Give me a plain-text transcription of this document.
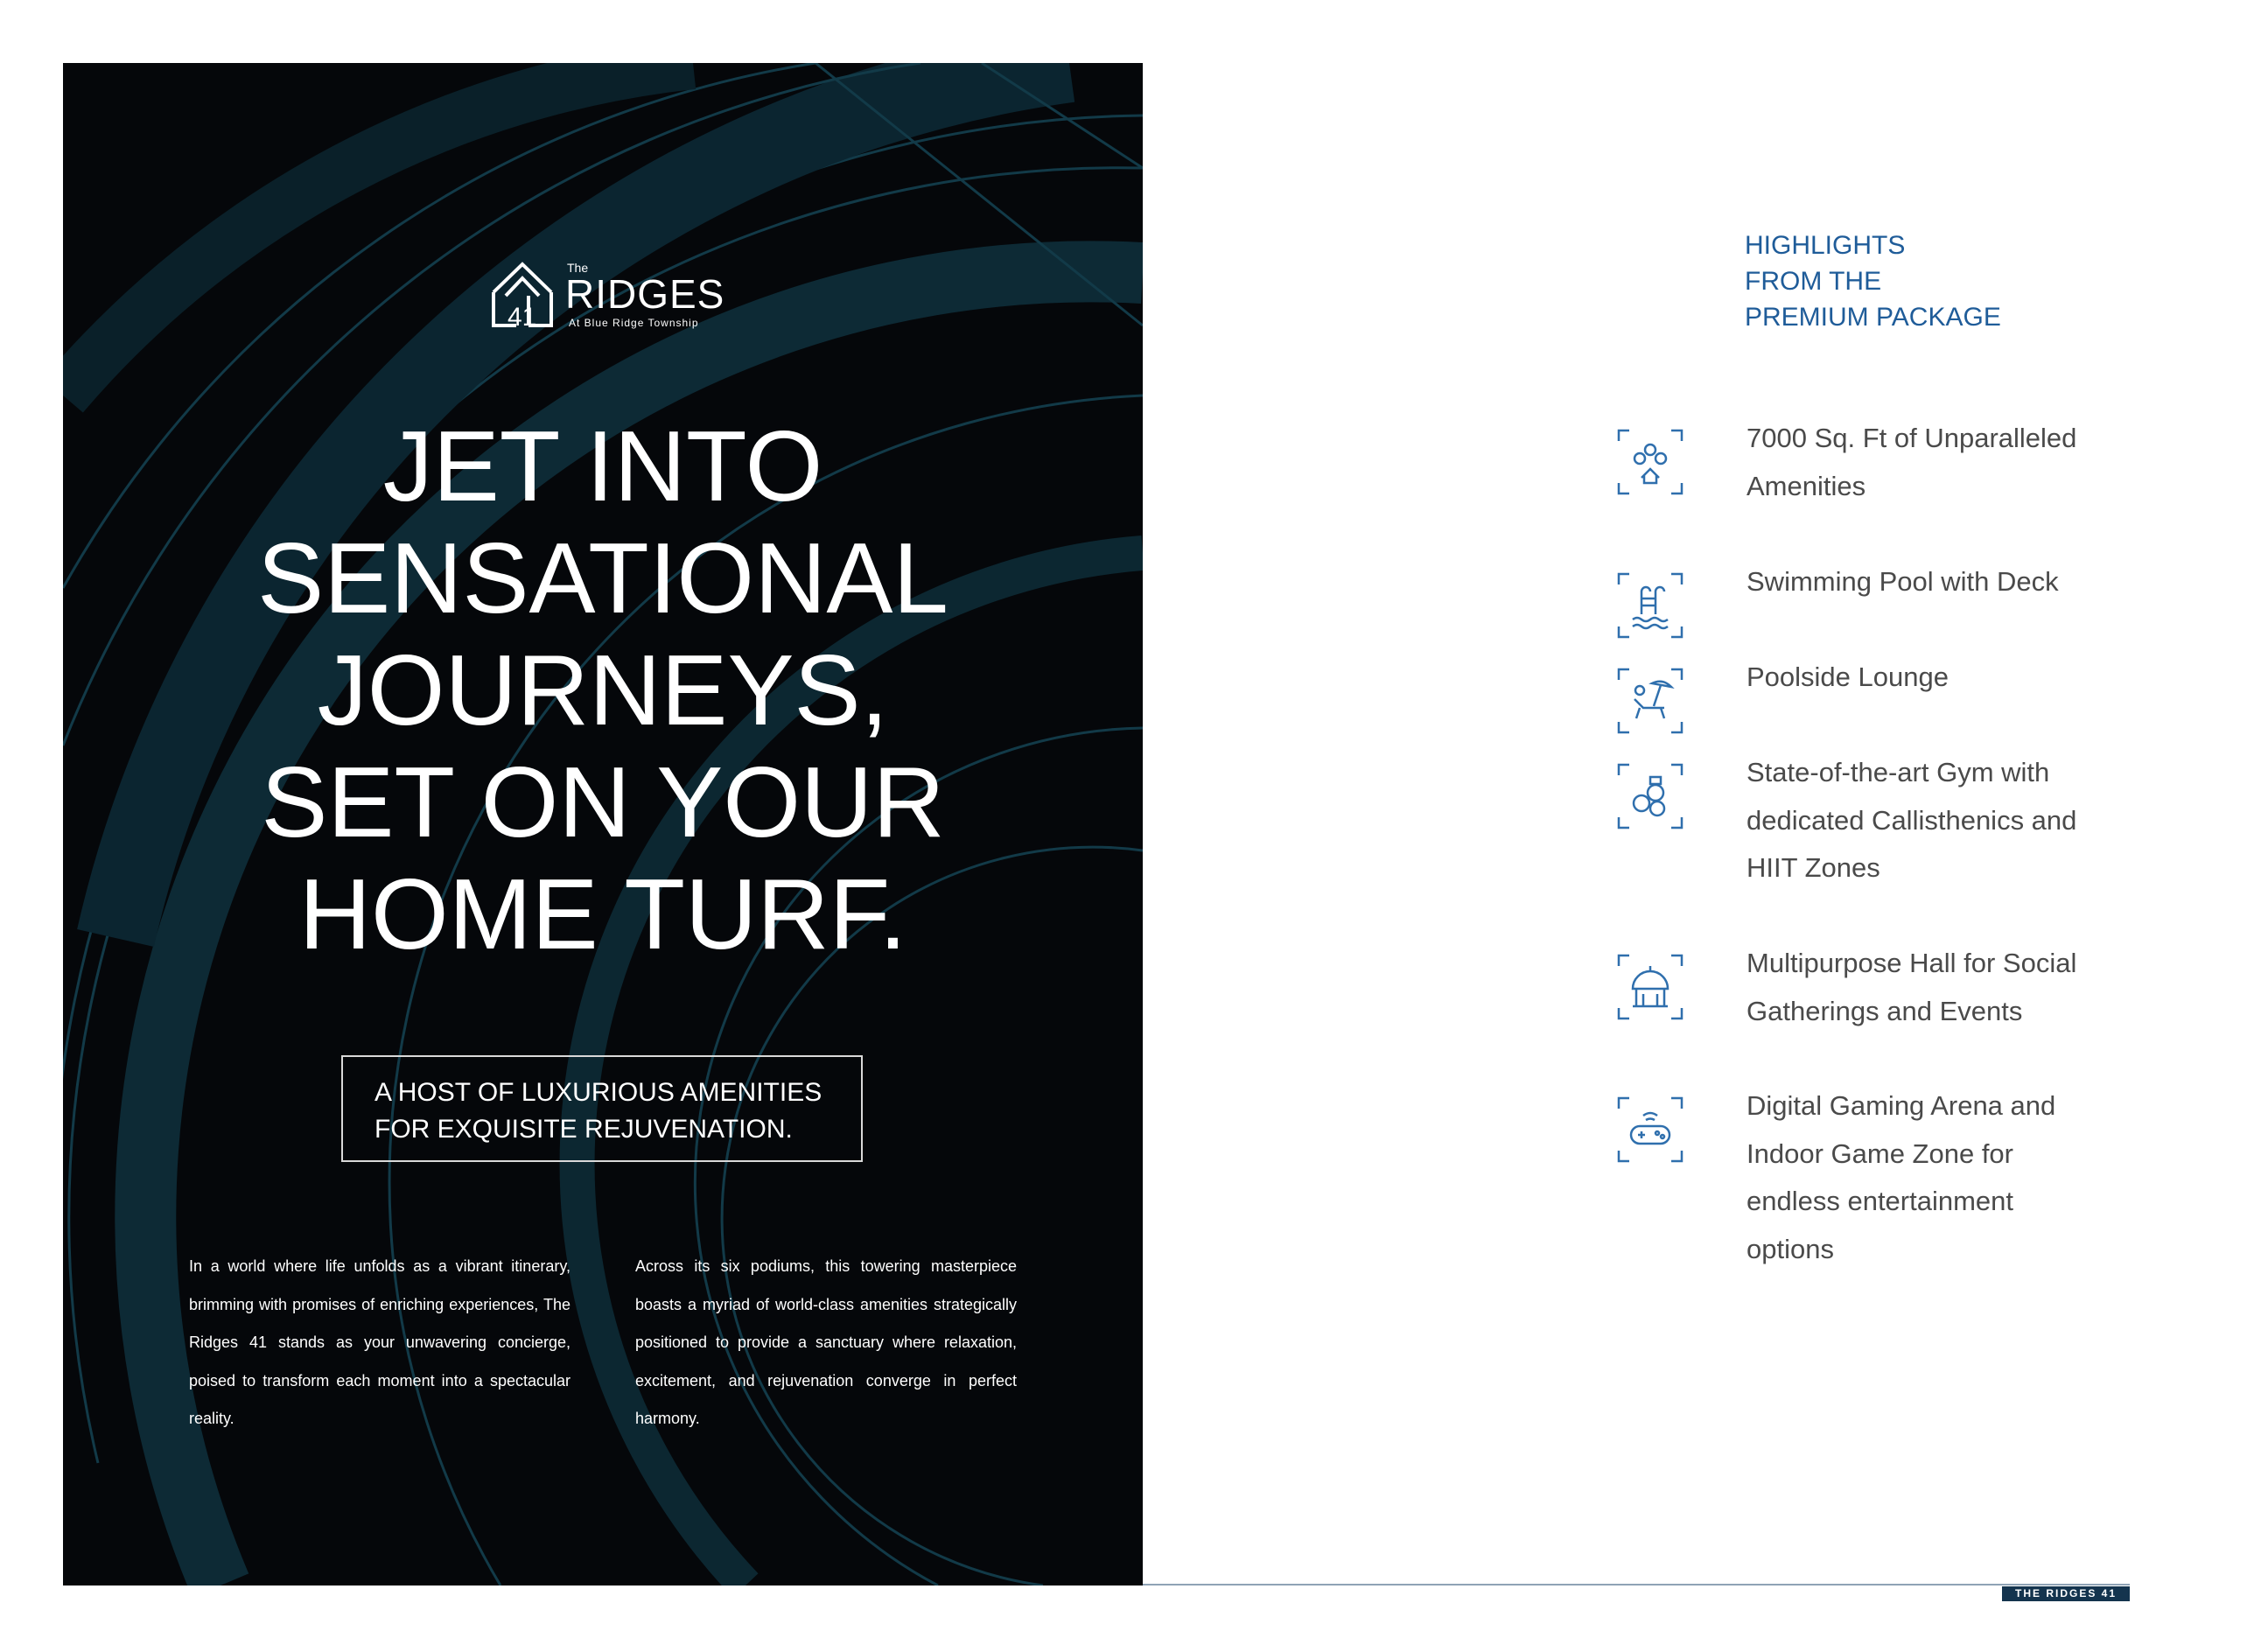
41
The
RIDGES
At Blue Ridge Township
JET INTO
SENSATIONAL
JOURNEYS,
SET ON YOUR
HOME TURF.
A HOST OF LUXURIOUS AMENITIES
FOR EXQUISITE REJUVENATION.
In a world where life unfolds as a vibrant itinerary, brimming with promises of enriching experiences, The Ridges 41 stands as your unwavering concierge, poised to transform each moment into a spectacular reality.
Across its six podiums, this towering masterpiece boasts a myriad of world-class amenities strategically positioned to provide a sanctuary where relaxation, excitement, and rejuvenation converge in perfect harmony.
HIGHLIGHTS
FROM THE
PREMIUM PACKAGE
7000 Sq. Ft of Unparalleled
Amenities
Swimming Pool with Deck
Poolside Lounge
State-of-the-art Gym with
dedicated Callisthenics and
HIIT Zones
Multipurpose Hall for Social
Gatherings and Events
Digital Gaming Arena and
Indoor Game Zone for
endless entertainment
options
THE RIDGES 41
